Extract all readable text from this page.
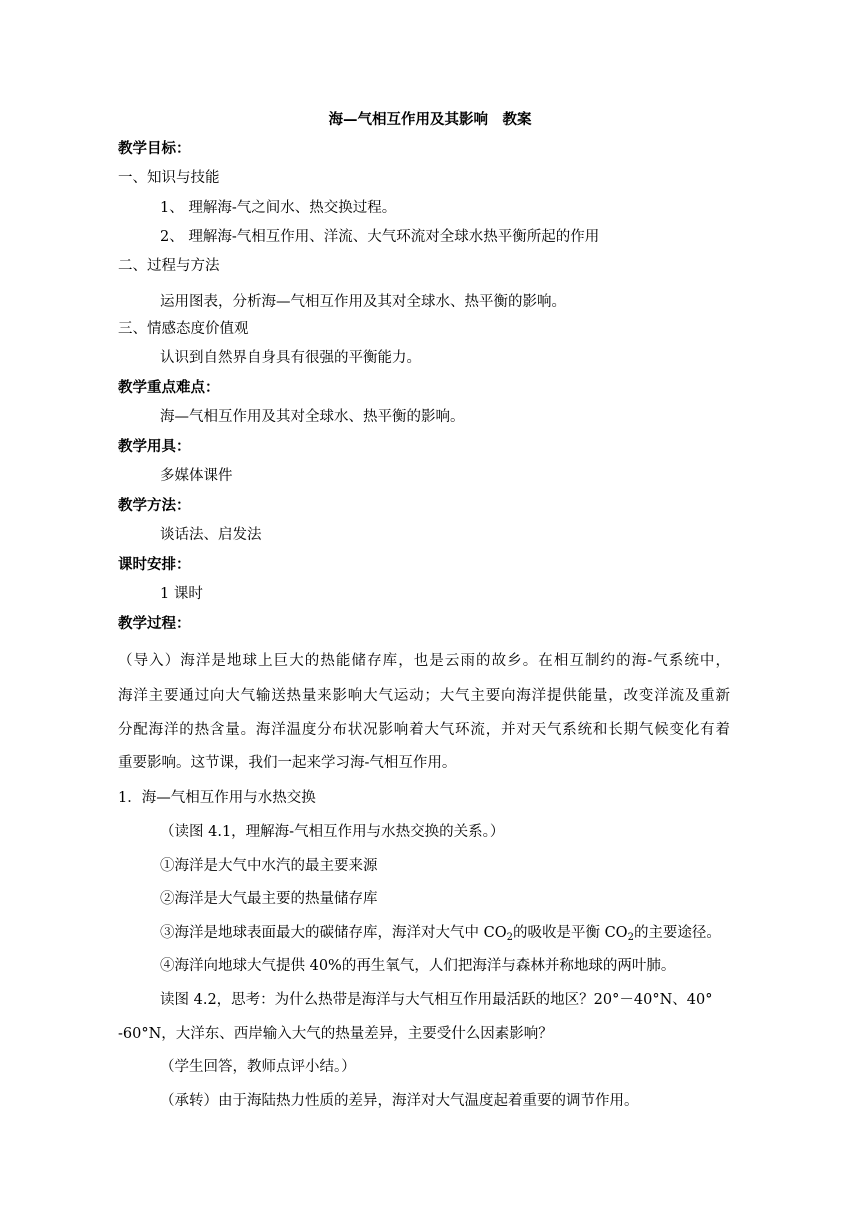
海—气相互作用及其影响　教案
教学目标：
一、知识与技能
1、 理解海-气之间水、热交换过程。
2、 理解海-气相互作用、洋流、大气环流对全球水热平衡所起的作用
二、过程与方法
运用图表，分析海—气相互作用及其对全球水、热平衡的影响。
三、情感态度价值观
认识到自然界自身具有很强的平衡能力。
教学重点难点：
海—气相互作用及其对全球水、热平衡的影响。
教学用具：
多媒体课件
教学方法：
谈话法、启发法
课时安排：
1 课时
教学过程：
（导入）海洋是地球上巨大的热能储存库，也是云雨的故乡。在相互制约的海-气系统中，
海洋主要通过向大气输送热量来影响大气运动；大气主要向海洋提供能量，改变洋流及重新
分配海洋的热含量。海洋温度分布状况影响着大气环流，并对天气系统和长期气候变化有着
重要影响。这节课，我们一起来学习海-气相互作用。
1．海—气相互作用与水热交换
（读图 4.1，理解海-气相互作用与水热交换的关系。）
①海洋是大气中水汽的最主要来源
②海洋是大气最主要的热量储存库
③海洋是地球表面最大的碳储存库，海洋对大气中 $CO_2$的吸收是平衡 $CO_2$的主要途径。
④海洋向地球大气提供 40%的再生氧气，人们把海洋与森林并称地球的两叶肺。
读图 4.2，思考：为什么热带是海洋与大气相互作用最活跃的地区？20°－40°N、40°
-60°N，大洋东、西岸输入大气的热量差异，主要受什么因素影响？
（学生回答，教师点评小结。）
（承转）由于海陆热力性质的差异，海洋对大气温度起着重要的调节作用。
